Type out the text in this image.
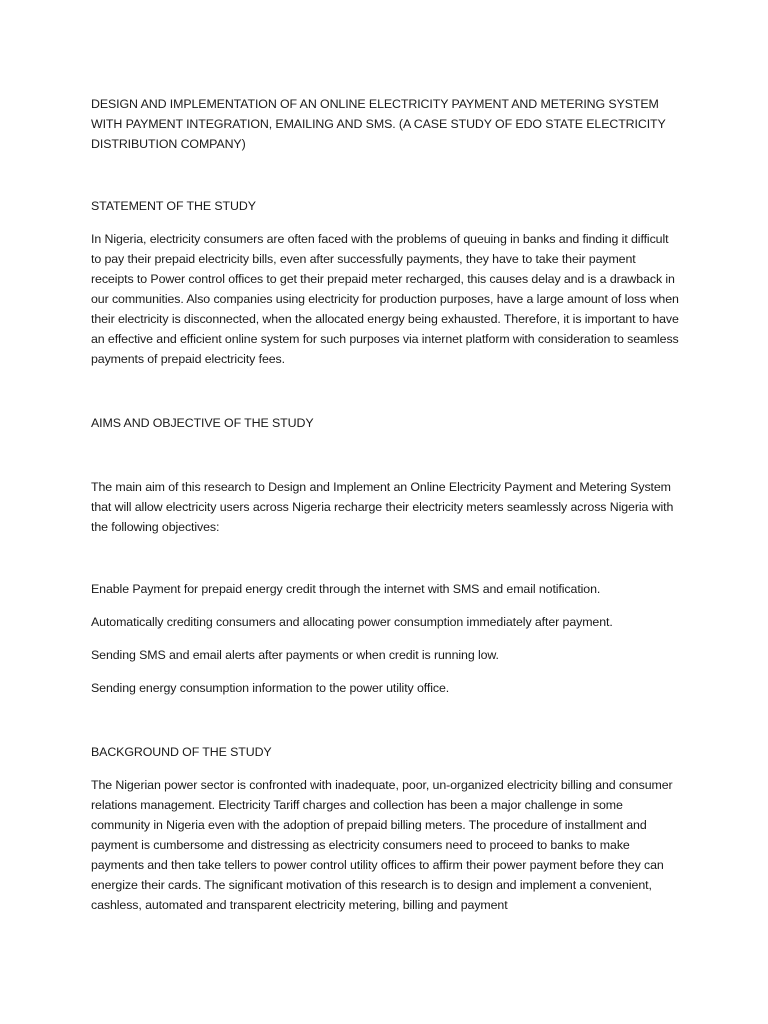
DESIGN AND IMPLEMENTATION OF AN ONLINE ELECTRICITY PAYMENT AND METERING SYSTEM WITH PAYMENT INTEGRATION, EMAILING AND SMS. (A CASE STUDY OF EDO STATE ELECTRICITY DISTRIBUTION COMPANY)

STATEMENT OF THE STUDY

In Nigeria, electricity consumers are often faced with the problems of queuing in banks and finding it difficult to pay their prepaid electricity bills, even after successfully payments, they have to take their payment receipts to Power control offices to get their prepaid meter recharged, this causes delay and is a drawback in our communities. Also companies using electricity for production purposes, have a large amount of loss when their electricity is disconnected, when the allocated energy being exhausted. Therefore, it is important to have an effective and efficient online system for such purposes via internet platform with consideration to seamless payments of prepaid electricity fees.

AIMS AND OBJECTIVE OF THE STUDY

The main aim of this research to Design and Implement an Online Electricity Payment and Metering System that will allow electricity users across Nigeria recharge their electricity meters seamlessly across Nigeria with the following objectives:

Enable Payment for prepaid energy credit through the internet with SMS and email notification.

Automatically crediting consumers and allocating power consumption immediately after payment.

Sending SMS and email alerts after payments or when credit is running low.

Sending energy consumption information to the power utility office.

BACKGROUND OF THE STUDY

The Nigerian power sector is confronted with inadequate, poor, un-organized electricity billing and consumer relations management. Electricity Tariff charges and collection has been a major challenge in some community in Nigeria even with the adoption of prepaid billing meters. The procedure of installment and payment is cumbersome and distressing as electricity consumers need to proceed to banks to make payments and then take tellers to power control utility offices to affirm their power payment before they can energize their cards. The significant motivation of this research is to design and implement a convenient, cashless, automated and transparent electricity metering, billing and payment
